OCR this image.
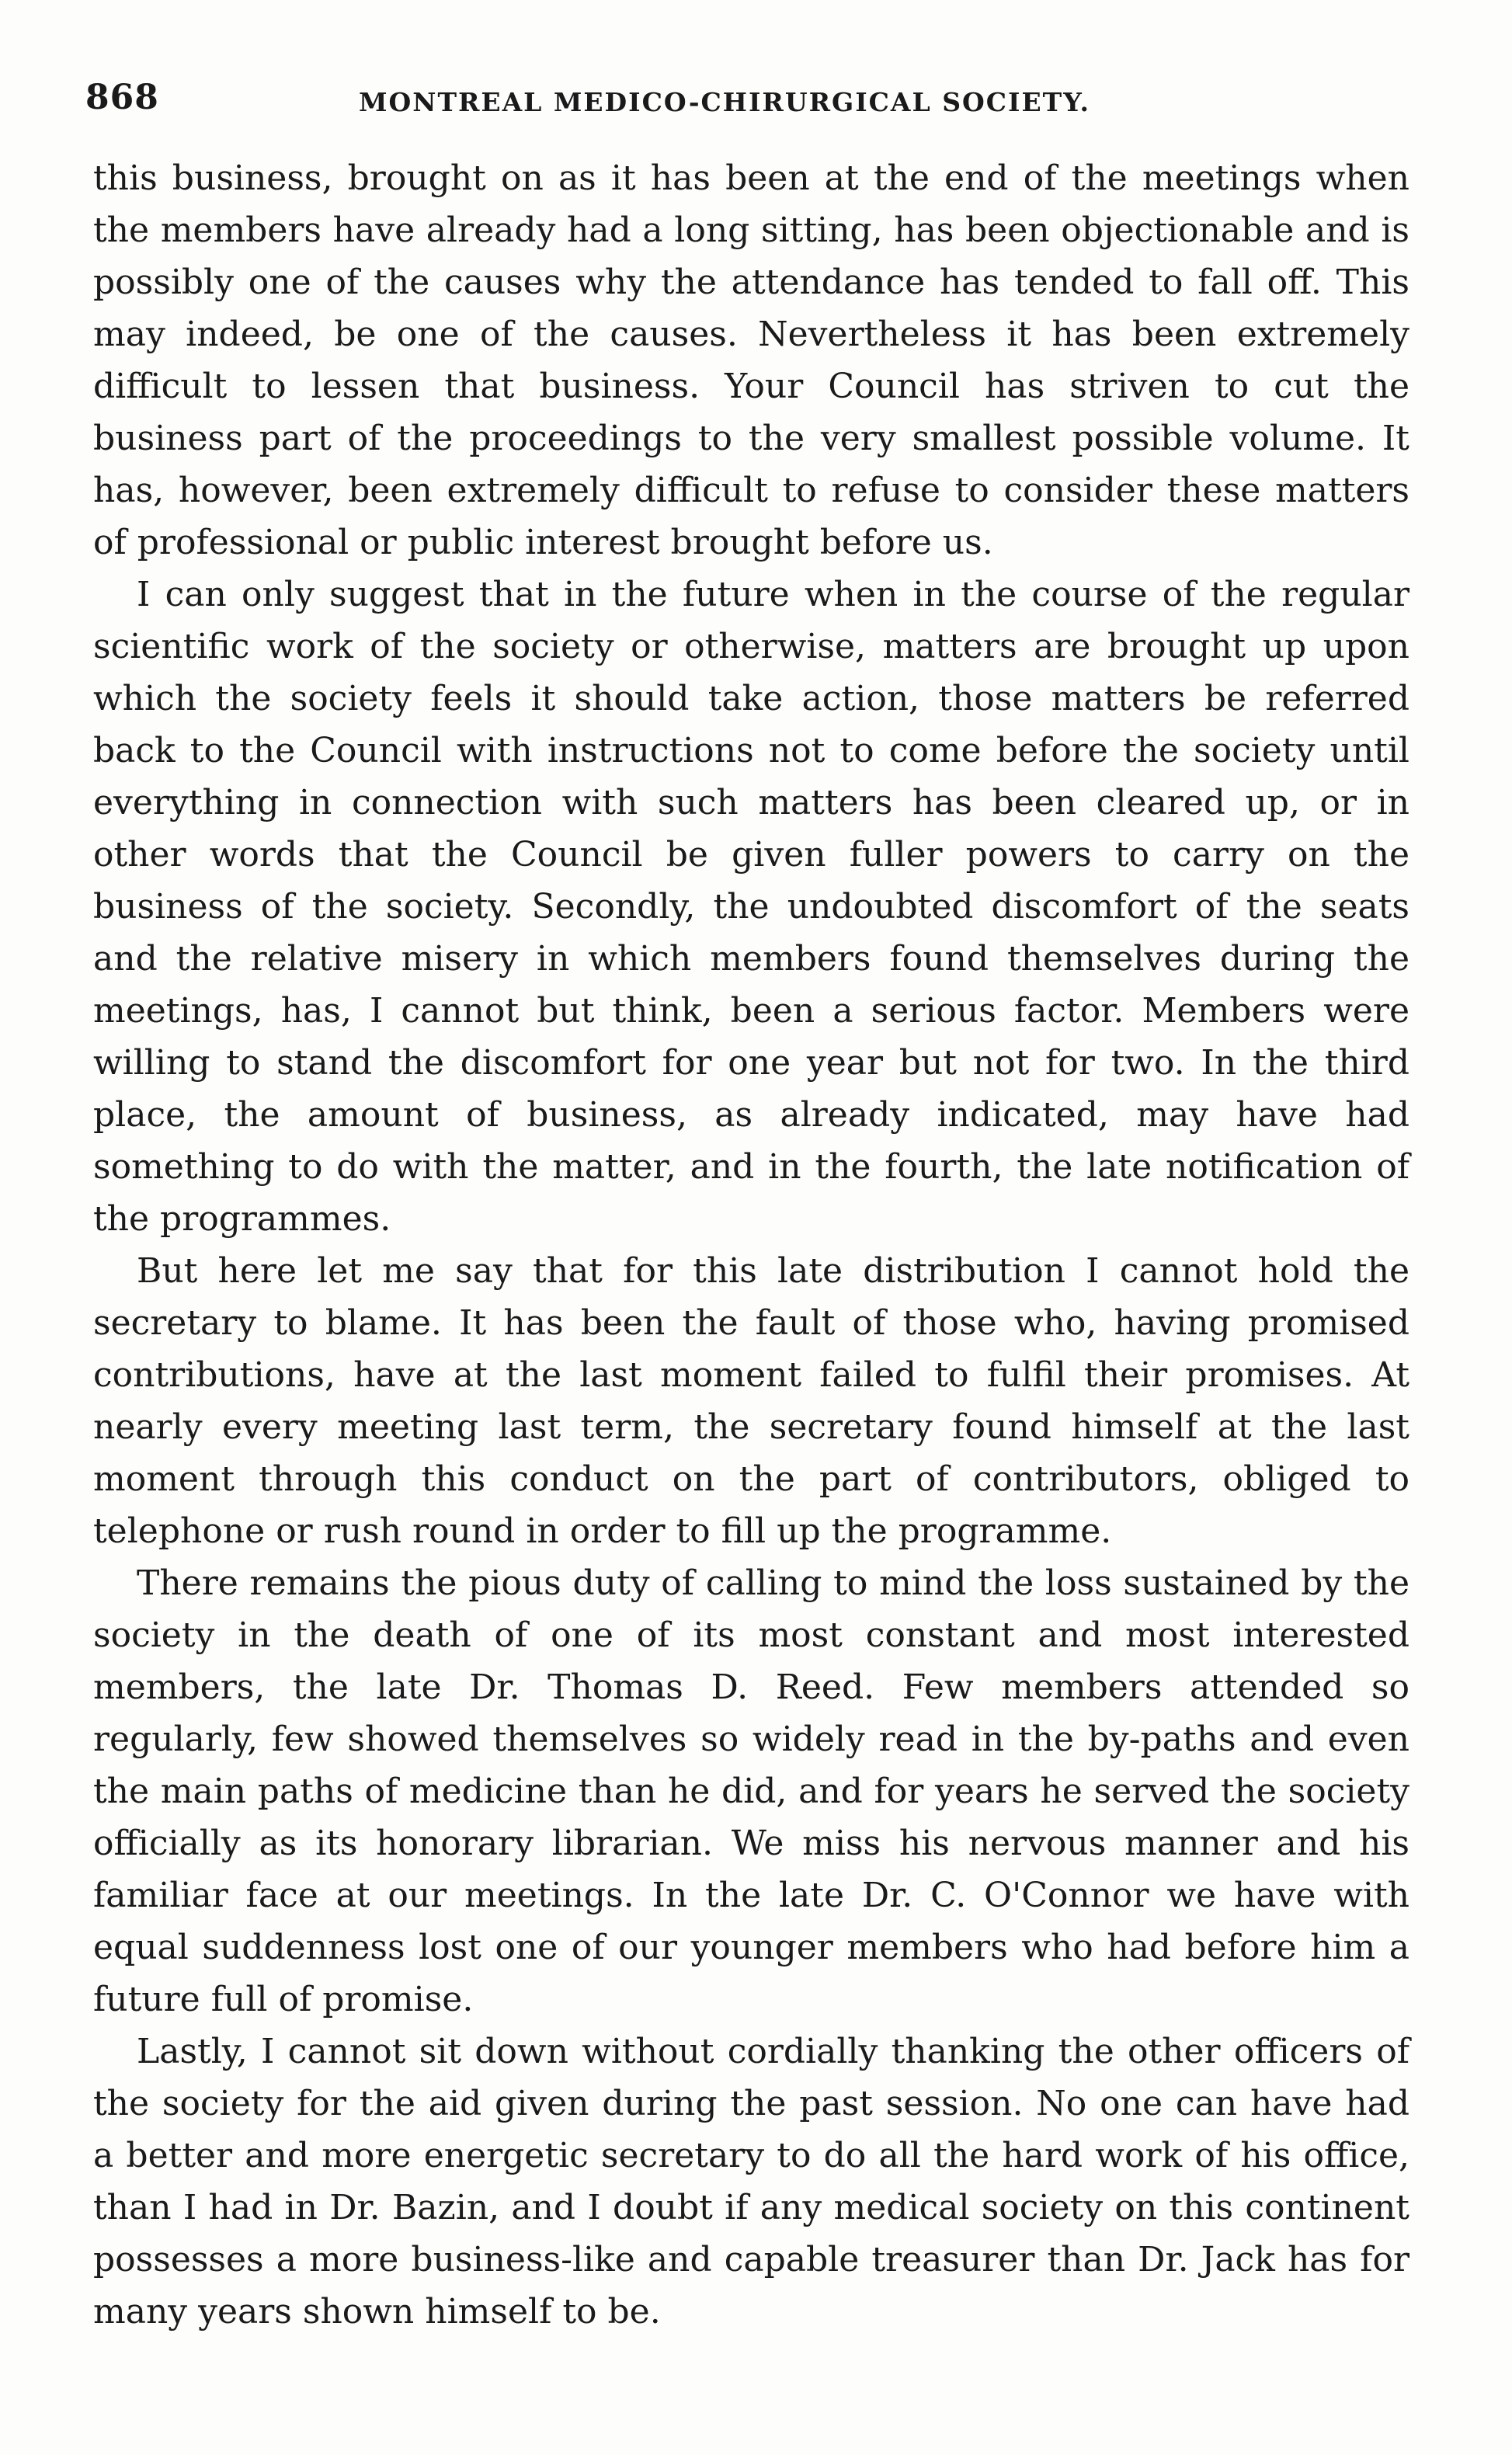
868	MONTREAL MEDICO-CHIRURGICAL SOCIETY.

this business, brought on as it has been at the end of the meetings when the members have already had a long sitting, has been objectionable and is possibly one of the causes why the attendance has tended to fall off. This may indeed, be one of the causes. Nevertheless it has been extremely difficult to lessen that business. Your Council has striven to cut the business part of the proceedings to the very smallest possible volume. It has, however, been extremely difficult to refuse to consider these matters of professional or public interest brought before us.

I can only suggest that in the future when in the course of the regular scientific work of the society or otherwise, matters are brought up upon which the society feels it should take action, those matters be referred back to the Council with instructions not to come before the society until everything in connection with such matters has been cleared up, or in other words that the Council be given fuller powers to carry on the business of the society. Secondly, the undoubted discomfort of the seats and the relative misery in which members found themselves during the meetings, has, I cannot but think, been a serious factor. Members were willing to stand the discomfort for one year but not for two. In the third place, the amount of business, as already indicated, may have had something to do with the matter, and in the fourth, the late notification of the programmes.

But here let me say that for this late distribution I cannot hold the secretary to blame. It has been the fault of those who, having promised contributions, have at the last moment failed to fulfil their promises. At nearly every meeting last term, the secretary found himself at the last moment through this conduct on the part of contributors, obliged to telephone or rush round in order to fill up the programme.

There remains the pious duty of calling to mind the loss sustained by the society in the death of one of its most constant and most interested members, the late Dr. Thomas D. Reed. Few members attended so regularly, few showed themselves so widely read in the by-paths and even the main paths of medicine than he did, and for years he served the society officially as its honorary librarian. We miss his nervous manner and his familiar face at our meetings. In the late Dr. C. O'Connor we have with equal suddenness lost one of our younger members who had before him a future full of promise.

Lastly, I cannot sit down without cordially thanking the other officers of the society for the aid given during the past session. No one can have had a better and more energetic secretary to do all the hard work of his office, than I had in Dr. Bazin, and I doubt if any medical society on this continent possesses a more business-like and capable treasurer than Dr. Jack has for many years shown himself to be.
